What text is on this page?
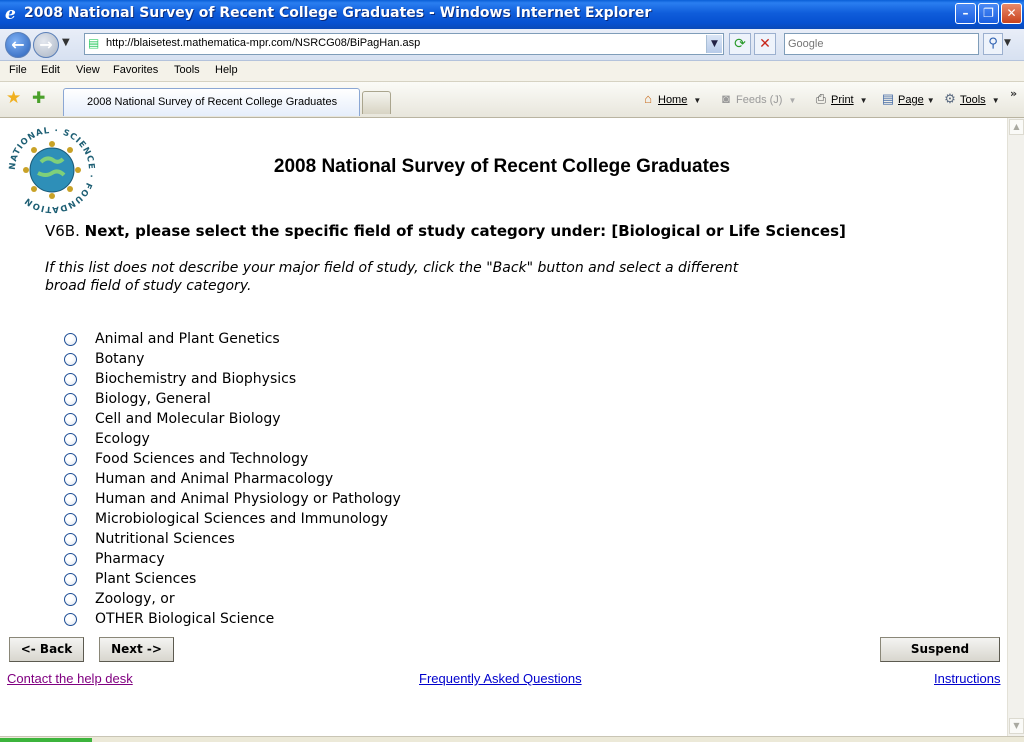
e 2008 National Survey of Recent College Graduates - Windows Internet Explorer	–	❐	✕
← → ▼ ▤ http://blaisetest.mathematica-mpr.com/NSRCG08/BiPagHan.asp	▼	⟳ ✕
Google	⚲ ▼
File Edit View Favorites Tools Help
★ ✚	2008 National Survey of Recent College Graduates	⌂ Home ▼	◙ Feeds (J) ▼ ⎙ Print ▼ ▤ Page ▼ ⚙ Tools ▼
»
NATIONAL · SCIENCE · FOUNDATION
2008 National Survey of Recent College Graduates
V6B. Next, please select the specific field of study category under: [Biological or Life Sciences]
If this list does not describe your major field of study, click the "Back" button and select a different broad field of study category.
Animal and Plant Genetics
Botany
Biochemistry and Biophysics
Biology, General
Cell and Molecular Biology
Ecology
Food Sciences and Technology
Human and Animal Pharmacology
Human and Animal Physiology or Pathology
Microbiological Sciences and Immunology
Nutritional Sciences
Pharmacy
Plant Sciences
Zoology, or
OTHER Biological Science
<- Back	Next ->	Suspend
Contact the help desk	Frequently Asked Questions	Instructions
▲
▼
